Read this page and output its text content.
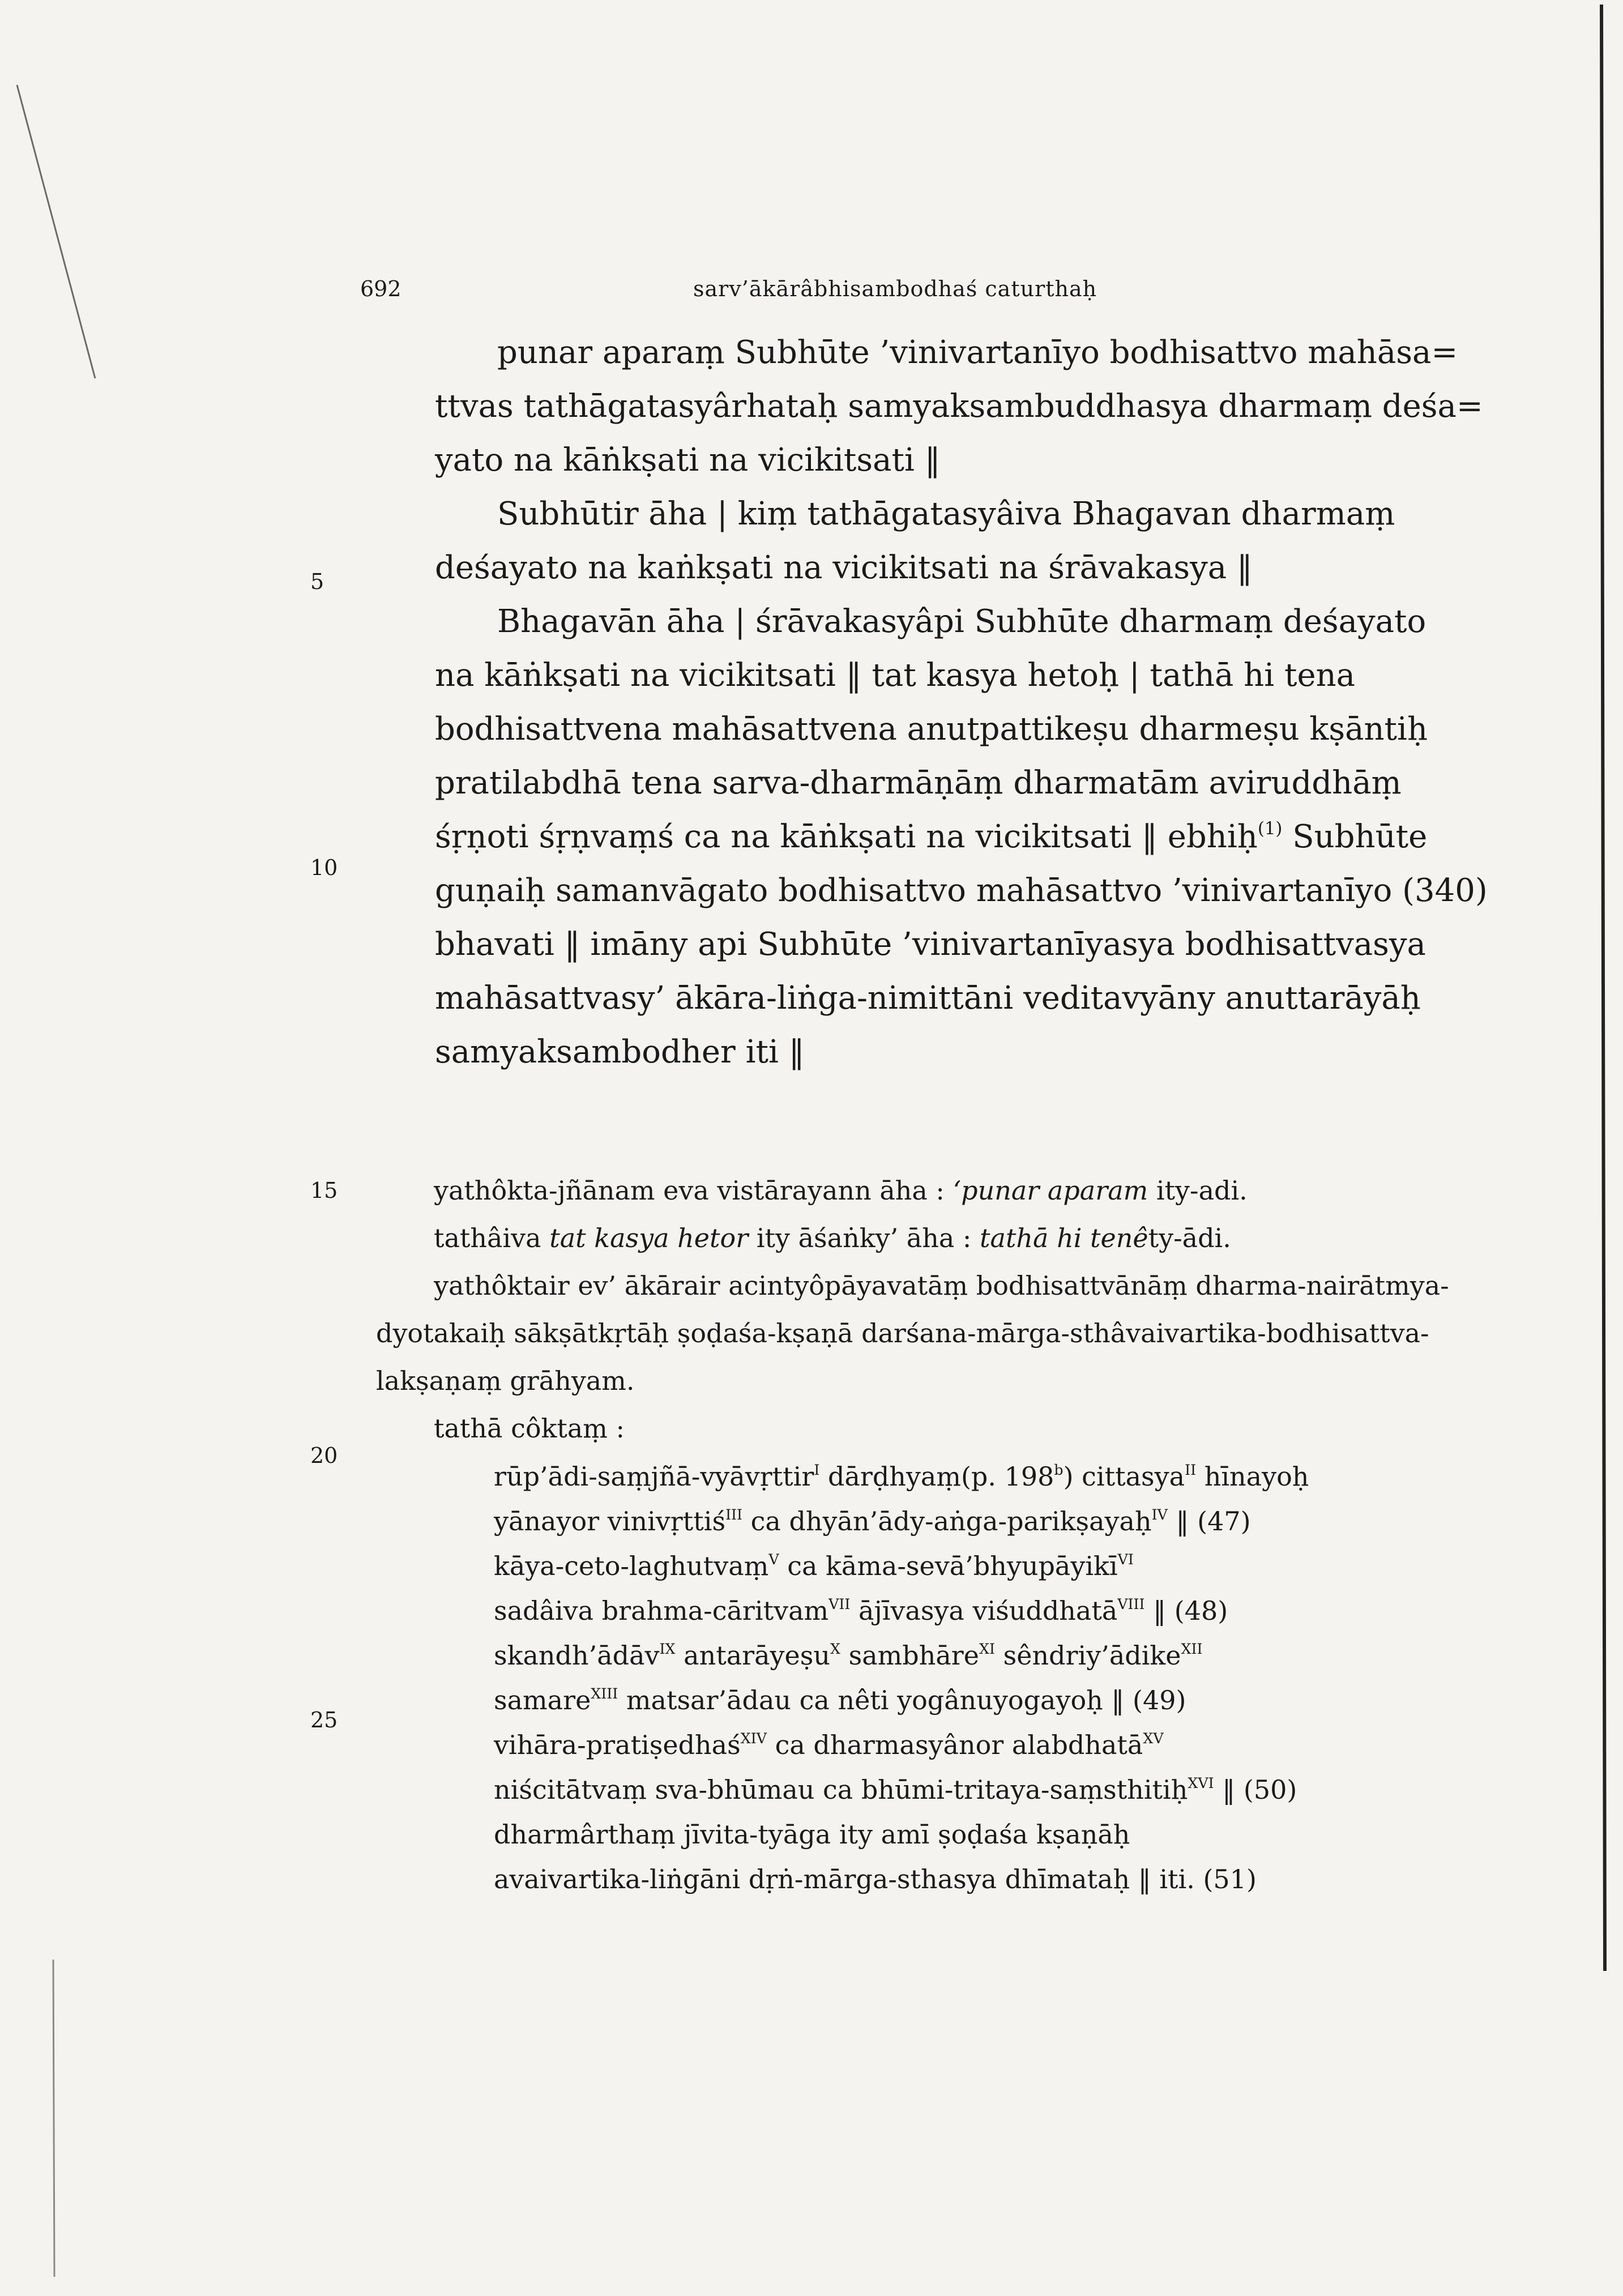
692	sarv’ākārâbhisambodhaś caturthaḥ
5
10
15
20
25
punar aparaṃ Subhūte ’vinivartanīyo bodhisattvo mahāsa=
ttvas tathāgatasyârhataḥ samyaksambuddhasya dharmaṃ deśa=
yato na kāṅkṣati na vicikitsati ‖
Subhūtir āha | kiṃ tathāgatasyâiva Bhagavan dharmaṃ
deśayato na kaṅkṣati na vicikitsati na śrāvakasya ‖
Bhagavān āha | śrāvakasyâpi Subhūte dharmaṃ deśayato
na kāṅkṣati na vicikitsati ‖ tat kasya hetoḥ | tathā hi tena
bodhisattvena mahāsattvena anutpattikeṣu dharmeṣu kṣāntiḥ
pratilabdhā tena sarva-dharmāṇāṃ dharmatām aviruddhāṃ
śṛṇoti śṛṇvaṃś ca na kāṅkṣati na vicikitsati ‖ ebhiḥ$^{(1)}$ Subhūte
guṇaiḥ samanvāgato bodhisattvo mahāsattvo ’vinivartanīyo (340)
bhavati ‖ imāny api Subhūte ’vinivartanīyasya bodhisattvasya
mahāsattvasy’ ākāra-liṅga-nimittāni veditavyāny anuttarāyāḥ
samyaksambodher iti ‖
yathôkta-jñānam eva vistārayann āha : ‘punar aparam ity-adi.
tathâiva tat kasya hetor ity āśaṅky’ āha : tathā hi tenêty-ādi.
yathôktair ev’ ākārair acintyôpāyavatāṃ bodhisattvānāṃ dharma-nairātmya-
dyotakaiḥ sākṣātkṛtāḥ ṣoḍaśa-kṣaṇā darśana-mārga-sthâvaivartika-bodhisattva-
lakṣaṇaṃ grāhyam.
tathā côktaṃ :
rūp’ādi-saṃjñā-vyāvṛttir$^I$ dārḍhyaṃ(p. 198$^b$) cittasya$^{II}$ hīnayoḥ
yānayor vinivṛttiś$^{III}$ ca dhyān’ādy-aṅga-parikṣayaḥ$^{IV}$ ‖ (47)
kāya-ceto-laghutvaṃ$^V$ ca kāma-sevā’bhyupāyikī$^{VI}$
sadâiva brahma-cāritvam$^{VII}$ ājīvasya viśuddhatā$^{VIII}$ ‖ (48)
skandh’ādāv$^{IX}$ antarāyeṣu$^X$ sambhāre$^{XI}$ sêndriy’ādike$^{XII}$
samare$^{XIII}$ matsar’ādau ca nêti yogânuyogayoḥ ‖ (49)
vihāra-pratiṣedhaś$^{XIV}$ ca dharmasyânor alabdhatā$^{XV}$
niścitātvaṃ sva-bhūmau ca bhūmi-tritaya-saṃsthitiḥ$^{XVI}$ ‖ (50)
dharmârthaṃ jīvita-tyāga ity amī ṣoḍaśa kṣaṇāḥ
avaivartika-liṅgāni dṛṅ-mārga-sthasya dhīmataḥ ‖ iti. (51)
